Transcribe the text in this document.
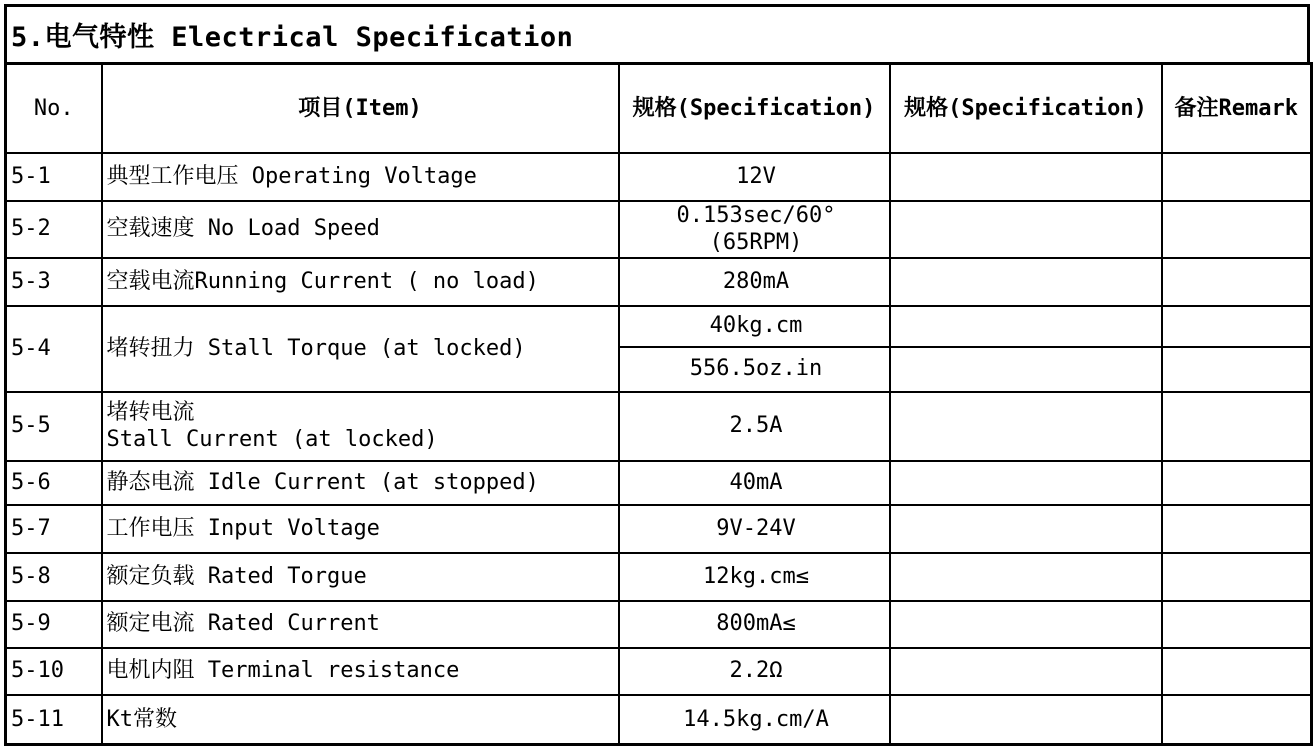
5.电气特性 Electrical Specification
No.	项目(Item)	规格(Specification)	规格(Specification)	备注Remark
5-1	典型工作电压 Operating Voltage	12V		
5-2	空载速度 No Load Speed	0.153sec/60°
(65RPM)		

5-3	空载电流Running Current ( no load)	280mA		
5-4	堵转扭力 Stall Torque (at locked)	40kg.cm		
		556.5oz.in		
5-5	堵转电流
Stall Current (at locked)	2.5A		
5-6	静态电流 Idle Current (at stopped)	40mA		
5-7	工作电压 Input Voltage	9V-24V		
5-8	额定负载 Rated Torgue	12kg.cm≤		
5-9	额定电流 Rated Current	800mA≤		
5-10	电机内阻 Terminal resistance	2.2Ω		
5-11	Kt常数	14.5kg.cm/A		
